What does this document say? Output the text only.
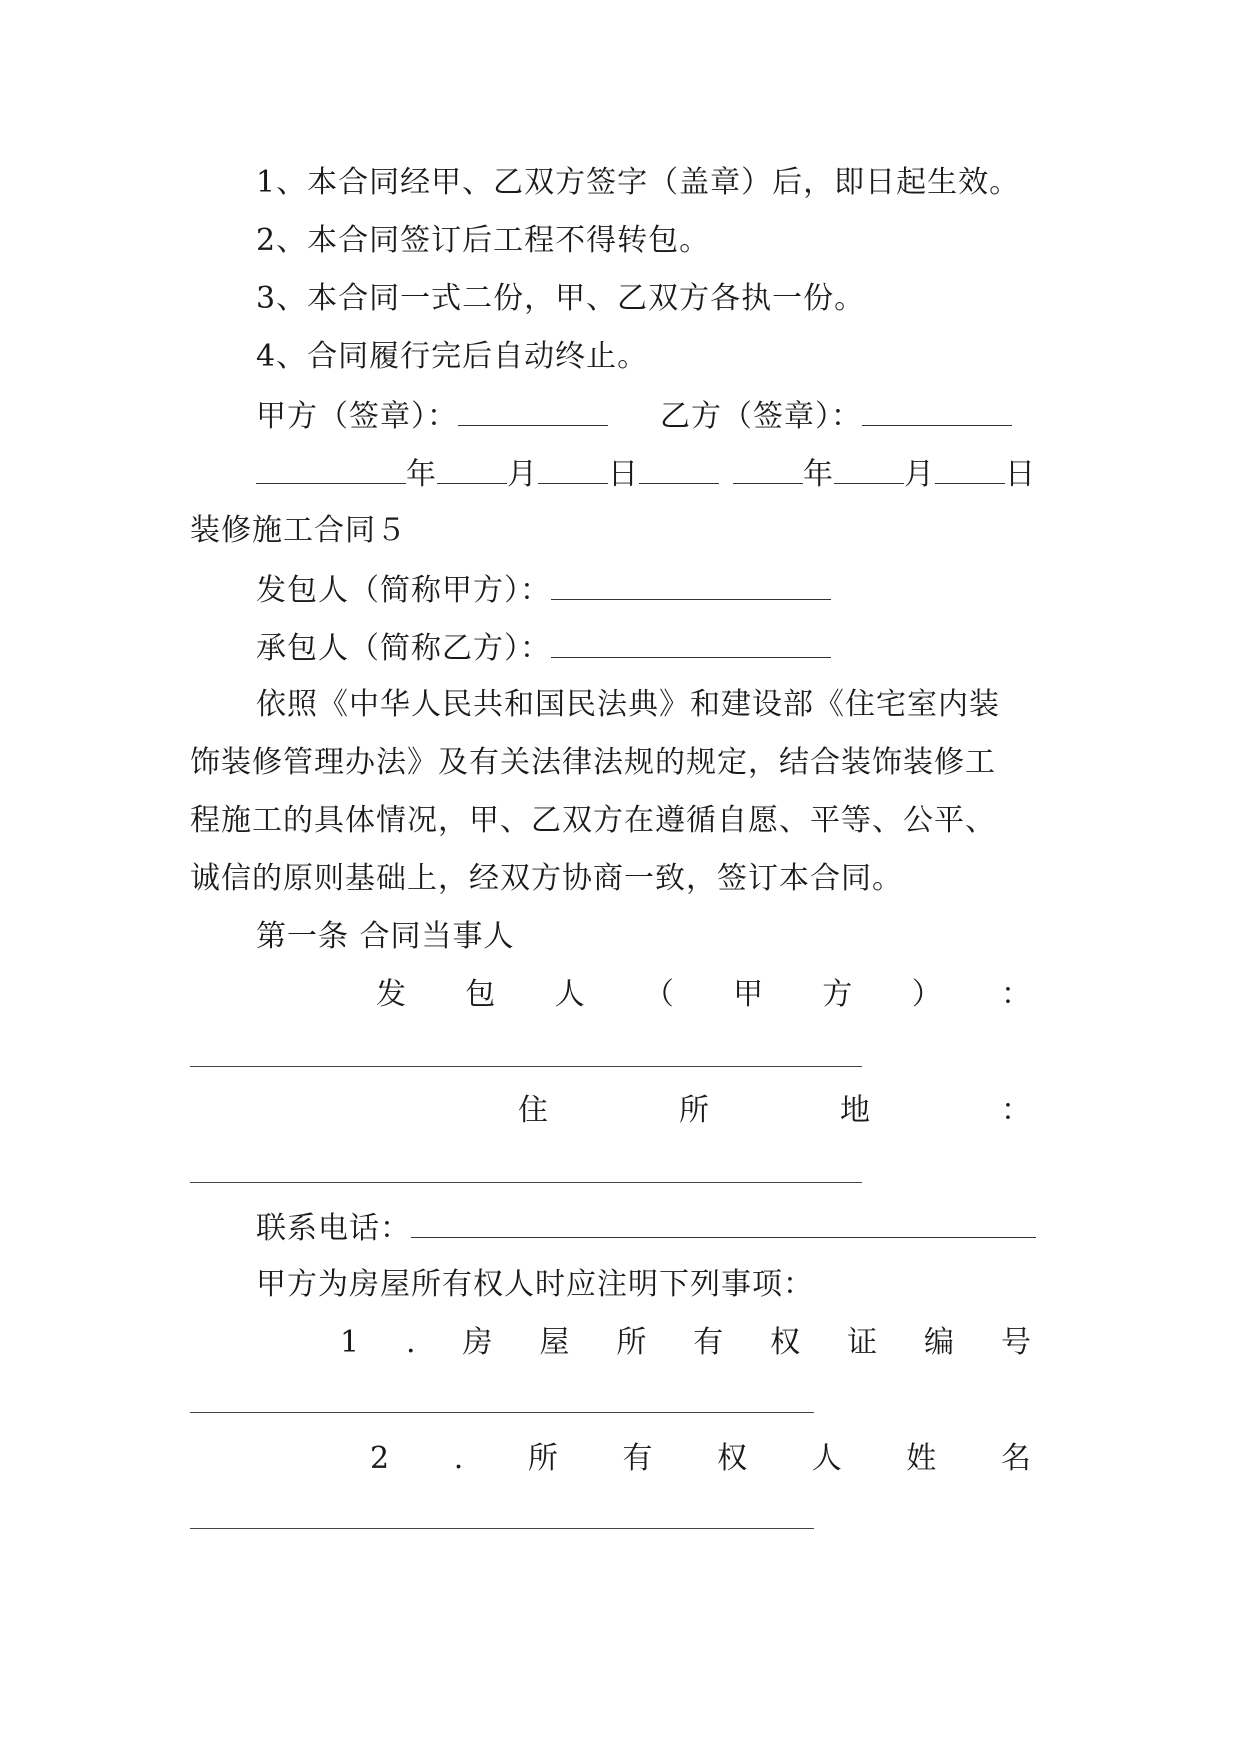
1、本合同经甲、乙双方签字（盖章）后，即日起生效。
2、本合同签订后工程不得转包。
3、本合同一式二份，甲、乙双方各执一份。
4、合同履行完后自动终止。
甲方（签章）：	乙方（签章）：
年 月 日	年 月 日
装修施工合同５
发包人（简称甲方）：
承包人（简称乙方）：
依照《中华人民共和国民法典》和建设部《住宅室内装
饰装修管理办法》及有关法律法规的规定，结合装饰装修工
程施工的具体情况，甲、乙双方在遵循自愿、平等、公平、
诚信的原则基础上，经双方协商一致，签订本合同。
第一条 合同当事人
发 包 人 （ 甲 方 ） ：
住	所	地	：
联系电话：
甲方为房屋所有权人时应注明下列事项：
1 . 房 屋 所 有 权 证 编 号
2 . 所 有 权 人 姓 名
